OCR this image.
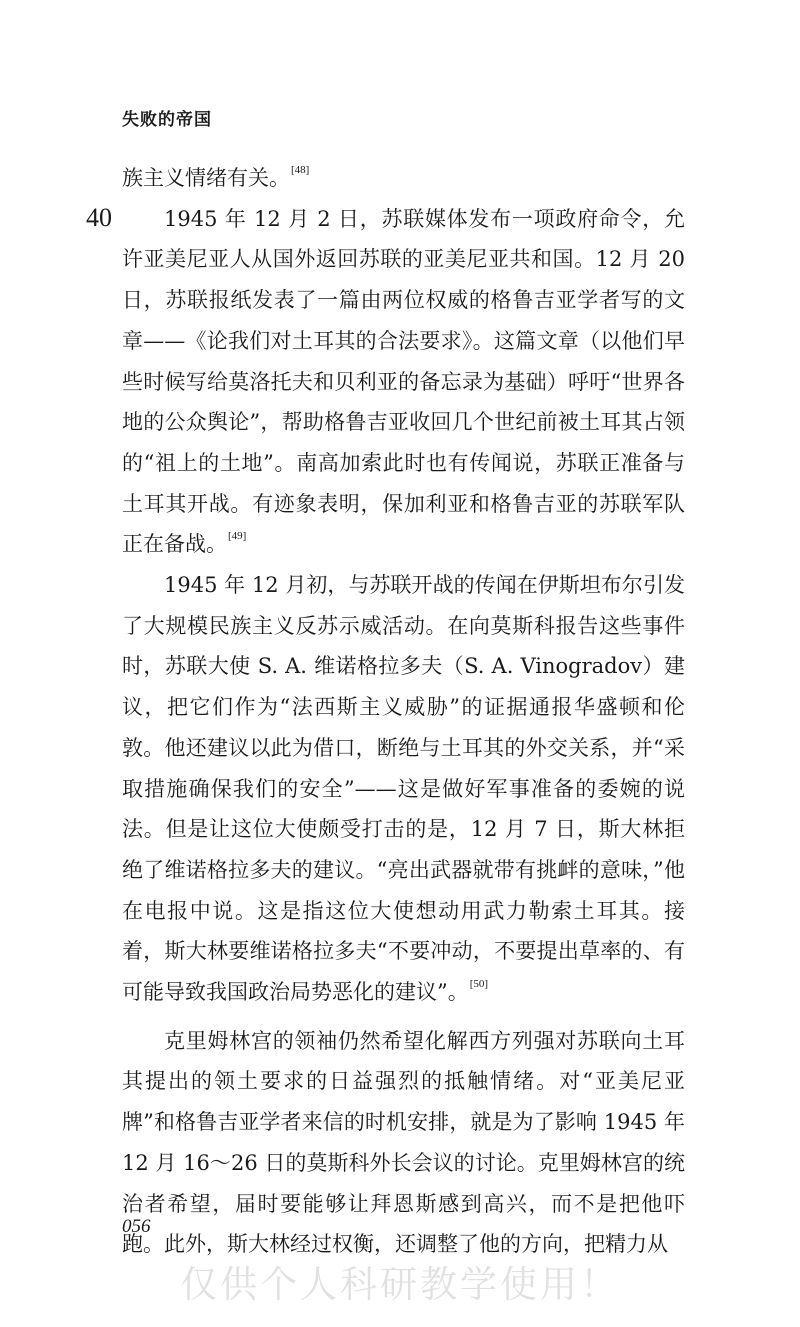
失败的帝国
40

族主义情绪有关。[48]

1945 年 12 月 2 日，苏联媒体发布一项政府命令，允许亚美尼亚人从国外返回苏联的亚美尼亚共和国。12 月 20 日，苏联报纸发表了一篇由两位权威的格鲁吉亚学者写的文章——《论我们对土耳其的合法要求》。这篇文章（以他们早些时候写给莫洛托夫和贝利亚的备忘录为基础）呼吁“世界各地的公众舆论”，帮助格鲁吉亚收回几个世纪前被土耳其占领的“祖上的土地”。南高加索此时也有传闻说，苏联正准备与土耳其开战。有迹象表明，保加利亚和格鲁吉亚的苏联军队正在备战。[49]

1945 年 12 月初，与苏联开战的传闻在伊斯坦布尔引发了大规模民族主义反苏示威活动。在向莫斯科报告这些事件时，苏联大使 S. A. 维诺格拉多夫（S. A. Vinogradov）建议，把它们作为“法西斯主义威胁”的证据通报华盛顿和伦敦。他还建议以此为借口，断绝与土耳其的外交关系，并“采取措施确保我们的安全”——这是做好军事准备的委婉的说法。但是让这位大使颇受打击的是，12 月 7 日，斯大林拒绝了维诺格拉多夫的建议。“亮出武器就带有挑衅的意味，”他在电报中说。这是指这位大使想动用武力勒索土耳其。接着，斯大林要维诺格拉多夫“不要冲动，不要提出草率的、有可能导致我国政治局势恶化的建议”。[50]

克里姆林宫的领袖仍然希望化解西方列强对苏联向土耳其提出的领土要求的日益强烈的抵触情绪。对“亚美尼亚牌”和格鲁吉亚学者来信的时机安排，就是为了影响 1945 年 12 月 16～26 日的莫斯科外长会议的讨论。克里姆林宫的统治者希望，届时要能够让拜恩斯感到高兴，而不是把他吓跑。此外，斯大林经过权衡，还调整了他的方向，把精力从

056
仅供个人科研教学使用！
